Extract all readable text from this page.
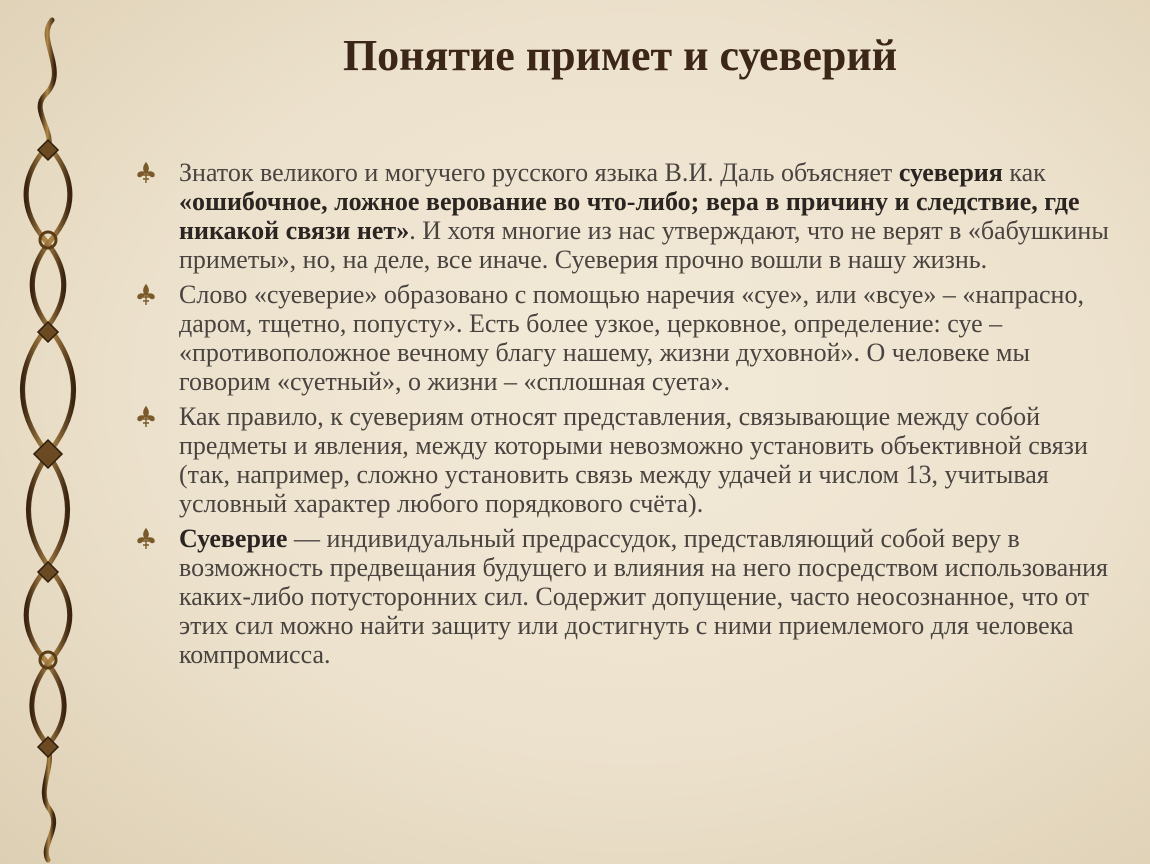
Понятие примет и суеверий
Знаток великого и могучего русского языка В.И. Даль объясняет суеверия как «ошибочное, ложное верование во что-либо; вера в причину и следствие, где никакой связи нет». И хотя многие из нас утверждают, что не верят в «бабушкины приметы», но, на деле, все иначе. Суеверия прочно вошли в нашу жизнь.
Слово «суеверие» образовано с помощью наречия «суе», или «всуе» – «напрасно, даром, тщетно, попусту». Есть более узкое, церковное, определение: суе – «противоположное вечному благу нашему, жизни духовной». О человеке мы говорим «суетный», о жизни – «сплошная суета».
Как правило, к суевериям относят представления, связывающие между собой предметы и явления, между которыми невозможно установить объективной связи (так, например, сложно установить связь между удачей и числом 13, учитывая условный характер любого порядкового счёта).
Суеверие — индивидуальный предрассудок, представляющий собой веру в возможность предвещания будущего и влияния на него посредством использования каких-либо потусторонних сил. Содержит допущение, часто неосознанное, что от этих сил можно найти защиту или достигнуть с ними приемлемого для человека компромисса.
